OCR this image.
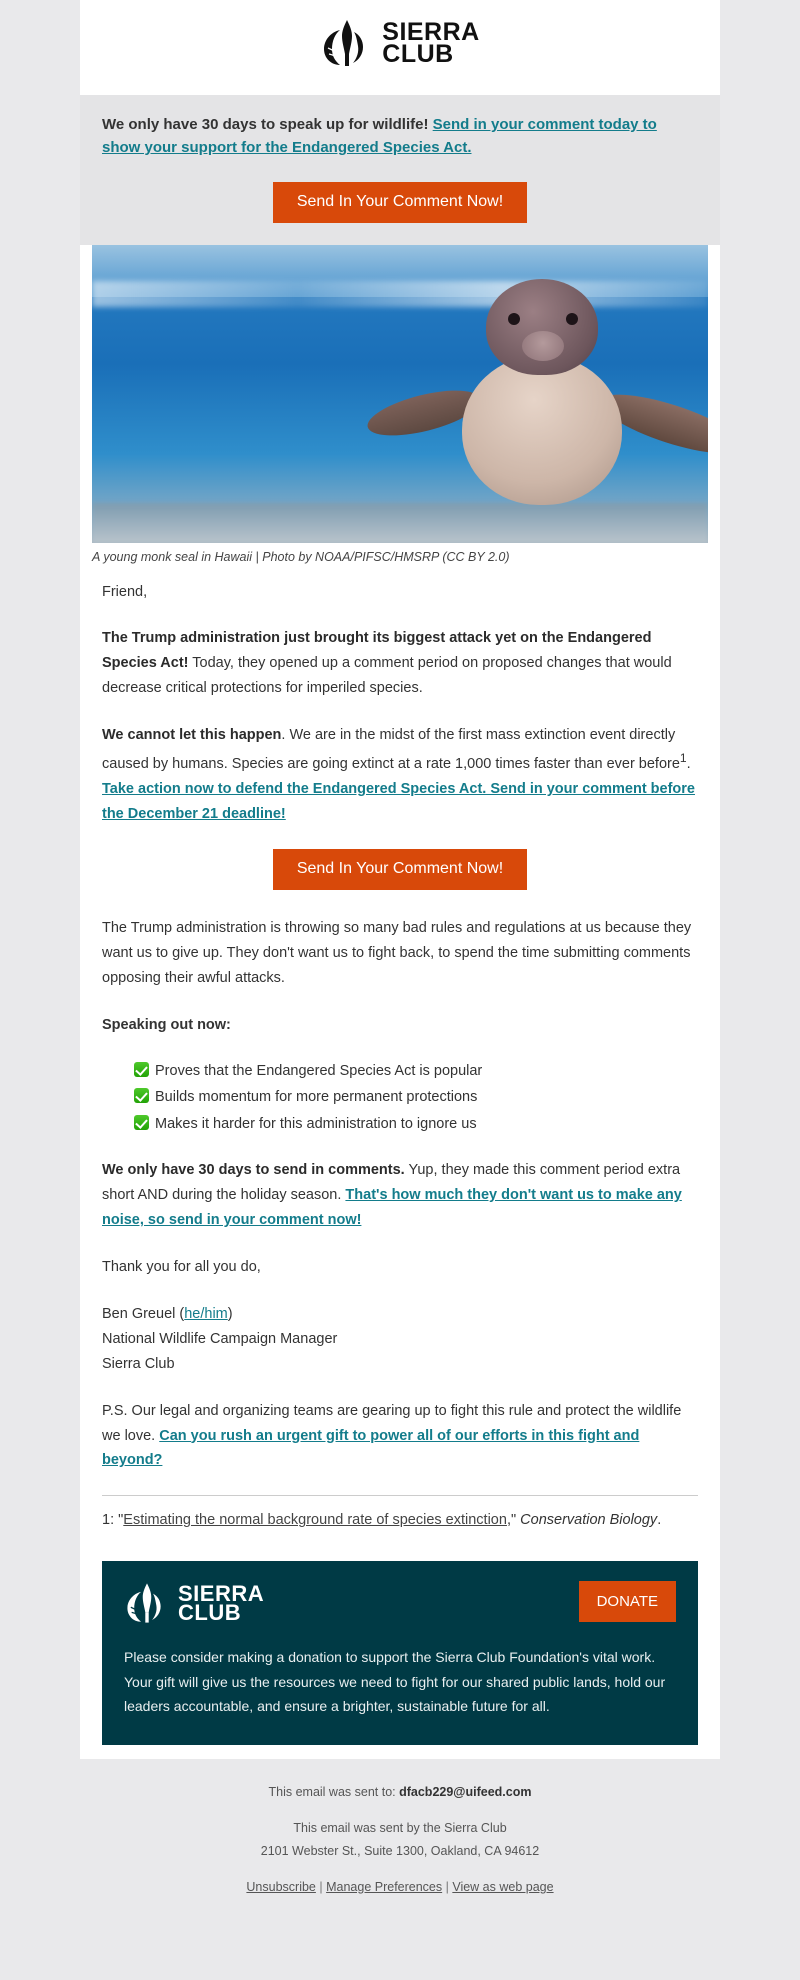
SIERRA
CLUB

We only have 30 days to speak up for wildlife! Send in your comment today to show your support for the Endangered Species Act.

Send In Your Comment Now!
A young monk seal in Hawaii | Photo by NOAA/PIFSC/HMSRP (CC BY 2.0)

Friend,

The Trump administration just brought its biggest attack yet on the Endangered Species Act! Today, they opened up a comment period on proposed changes that would decrease critical protections for imperiled species.

We cannot let this happen. We are in the midst of the first mass extinction event directly caused by humans. Species are going extinct at a rate 1,000 times faster than ever before$^1$. Take action now to defend the Endangered Species Act. Send in your comment before the December 21 deadline!

Send In Your Comment Now!

The Trump administration is throwing so many bad rules and regulations at us because they want us to give up. They don't want us to fight back, to spend the time submitting comments opposing their awful attacks.

Speaking out now:

Proves that the Endangered Species Act is popular
Builds momentum for more permanent protections
Makes it harder for this administration to ignore us

We only have 30 days to send in comments. Yup, they made this comment period extra short AND during the holiday season. That's how much they don't want us to make any noise, so send in your comment now!

Thank you for all you do,

Ben Greuel (he/him)
National Wildlife Campaign Manager
Sierra Club

P.S. Our legal and organizing teams are gearing up to fight this rule and protect the wildlife we love. Can you rush an urgent gift to power all of our efforts in this fight and beyond?

1: "Estimating the normal background rate of species extinction," Conservation Biology.

SIERRA
CLUB	DONATE

Please consider making a donation to support the Sierra Club Foundation's vital work. Your gift will give us the resources we need to fight for our shared public lands, hold our leaders accountable, and ensure a brighter, sustainable future for all.

This email was sent to: dfacb229@uifeed.com
This email was sent by the Sierra Club
2101 Webster St., Suite 1300, Oakland, CA 94612
Unsubscribe | Manage Preferences | View as web page
